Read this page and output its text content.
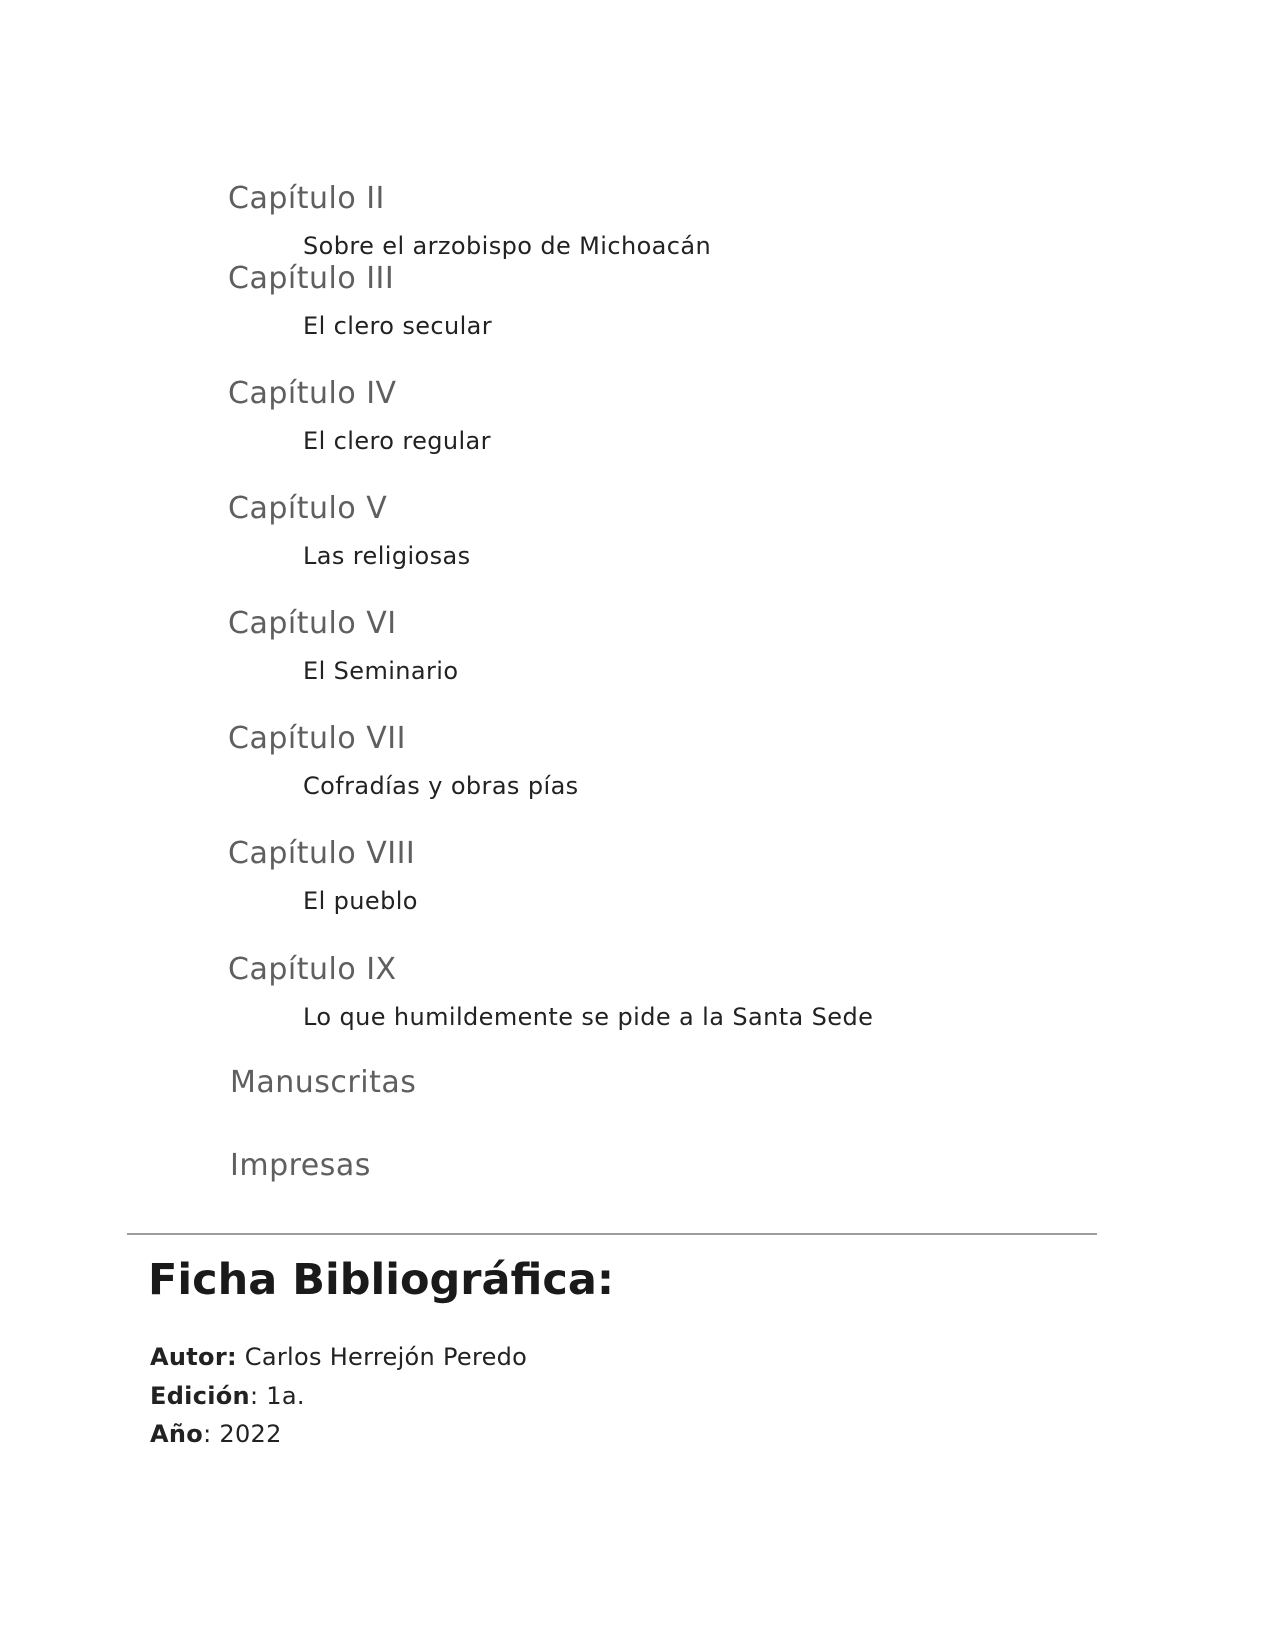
Capítulo II
Sobre el arzobispo de Michoacán
Capítulo III
El clero secular
Capítulo IV
El clero regular
Capítulo V
Las religiosas
Capítulo VI
El Seminario
Capítulo VII
Cofradías y obras pías
Capítulo VIII
El pueblo
Capítulo IX
Lo que humildemente se pide a la Santa Sede
Manuscritas
Impresas
Ficha Bibliográfica:
Autor: Carlos Herrejón Peredo
Edición: 1a.
Año: 2022
